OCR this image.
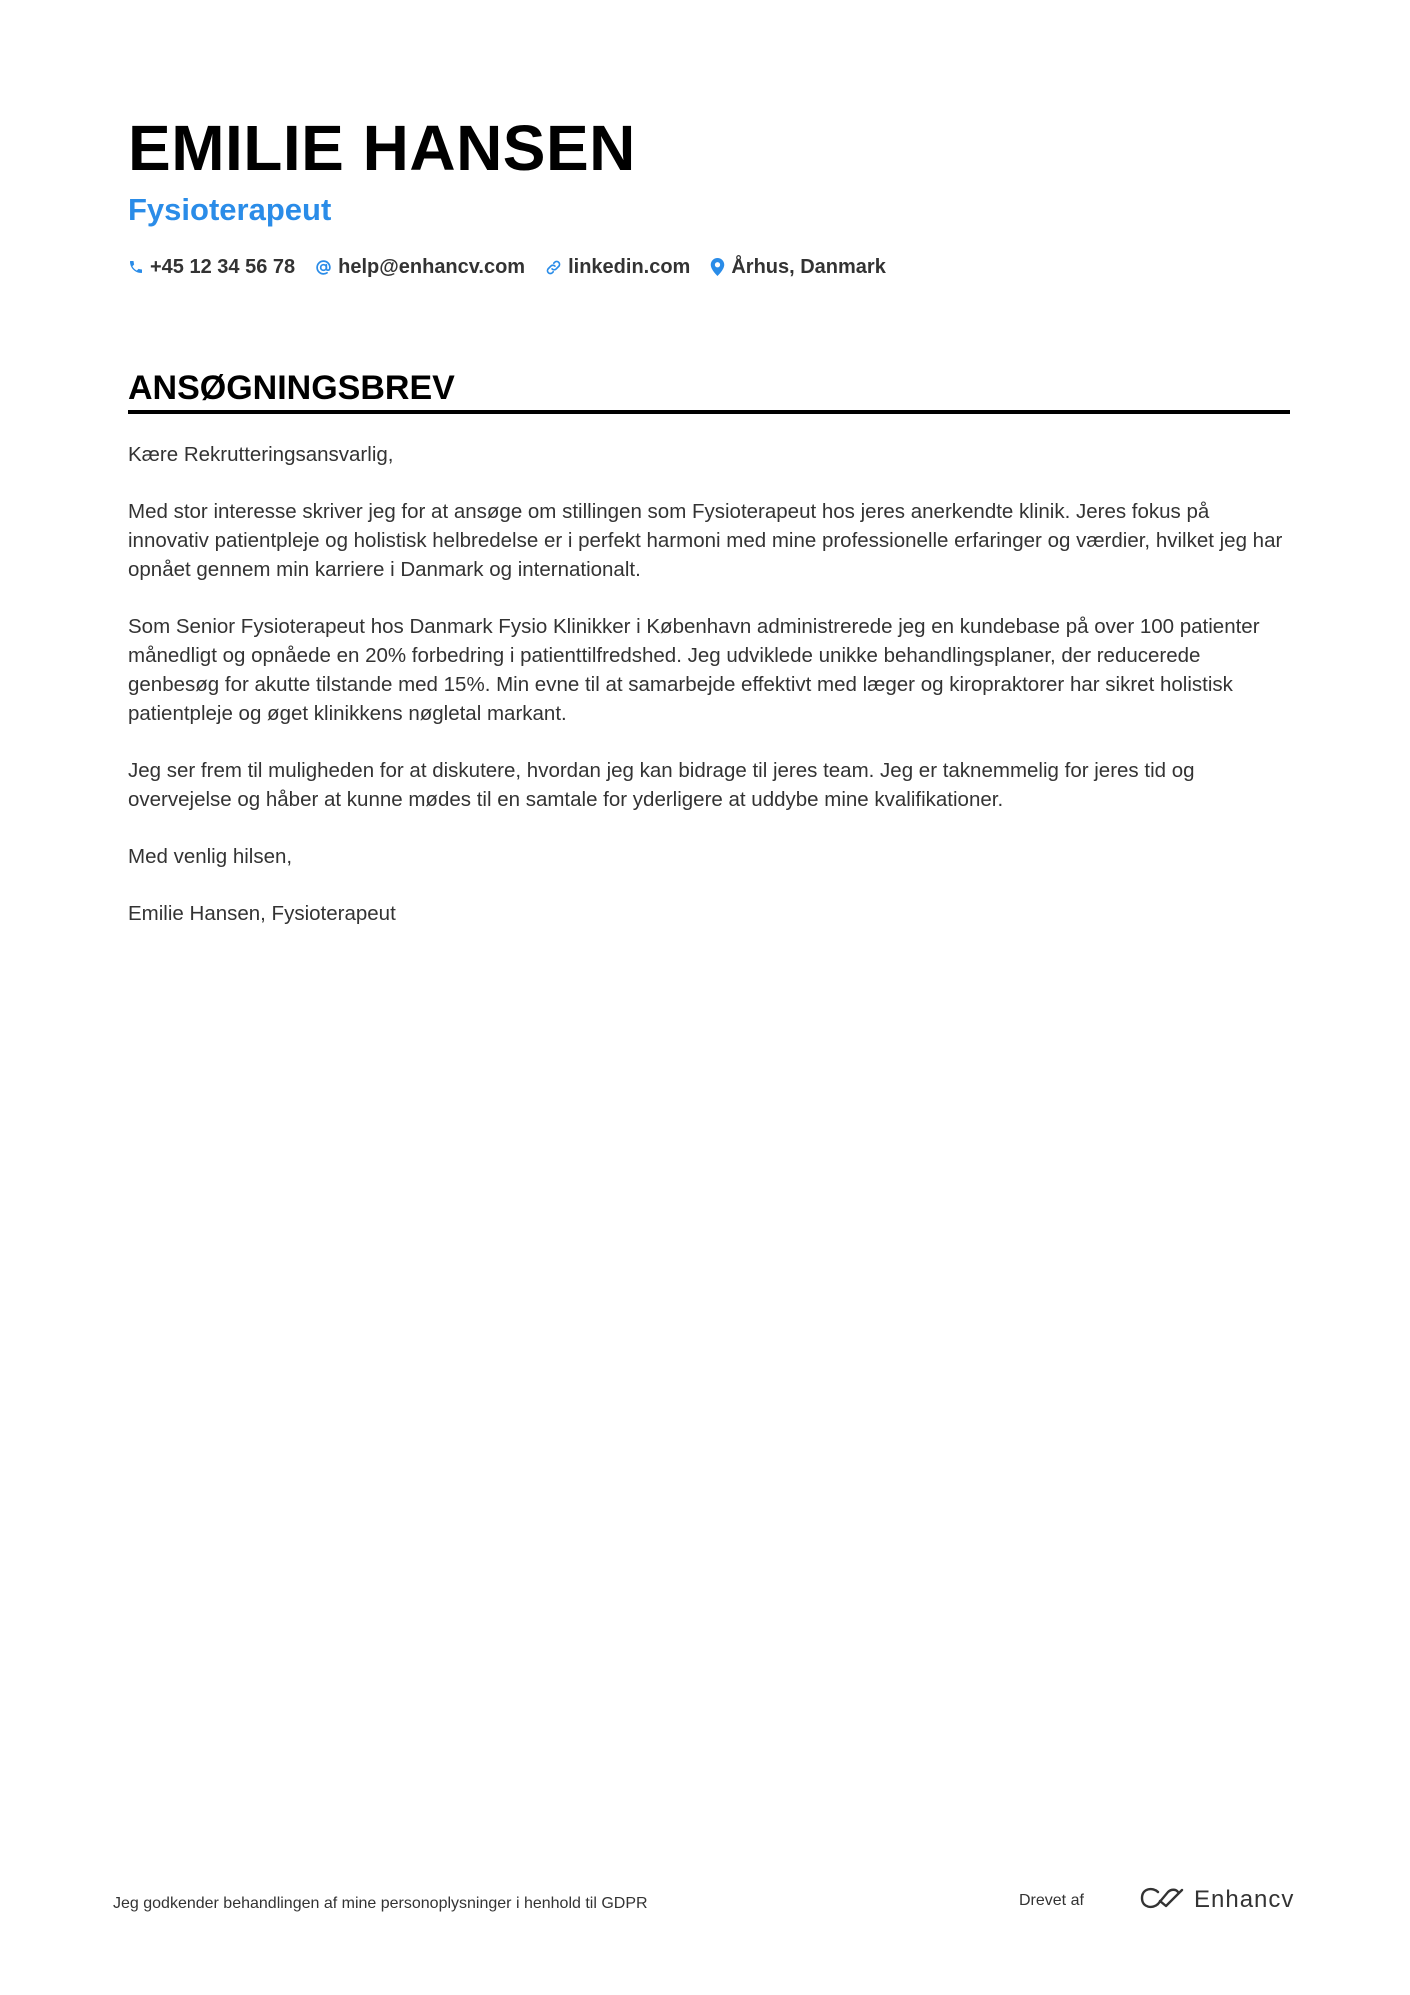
EMILIE HANSEN
Fysioterapeut
+45 12 34 56 78 help@enhancv.com linkedin.com Århus, Danmark
ANSØGNINGSBREV

Kære Rekrutteringsansvarlig,

Med stor interesse skriver jeg for at ansøge om stillingen som Fysioterapeut hos jeres anerkendte klinik. Jeres fokus på innovativ patientpleje og holistisk helbredelse er i perfekt harmoni med mine professionelle erfaringer og værdier, hvilket jeg har opnået gennem min karriere i Danmark og internationalt.

Som Senior Fysioterapeut hos Danmark Fysio Klinikker i København administrerede jeg en kundebase på over 100 patienter månedligt og opnåede en 20% forbedring i patienttilfredshed. Jeg udviklede unikke behandlingsplaner, der reducerede genbesøg for akutte tilstande med 15%. Min evne til at samarbejde effektivt med læger og kiropraktorer har sikret holistisk patientpleje og øget klinikkens nøgletal markant.

Jeg ser frem til muligheden for at diskutere, hvordan jeg kan bidrage til jeres team. Jeg er taknemmelig for jeres tid og overvejelse og håber at kunne mødes til en samtale for yderligere at uddybe mine kvalifikationer.

Med venlig hilsen,

Emilie Hansen, Fysioterapeut

Jeg godkender behandlingen af mine personoplysninger i henhold til GDPR	Drevet af	Enhancv
